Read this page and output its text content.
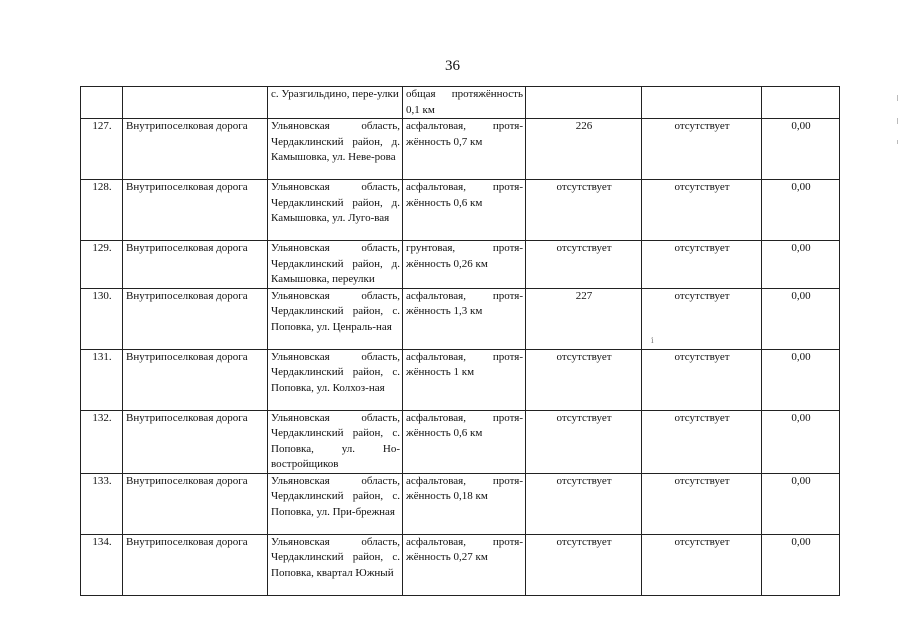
36
		с. Уразгильдино, пере-улки	общая протяжённость 0,1 км			
127.	Внутрипоселковая дорога	Ульяновская область, Чердаклинский район, д. Камышовка, ул. Неве-рова	асфальтовая, протя-жённость 0,7 км	226	отсутствует	0,00
128.	Внутрипоселковая дорога	Ульяновская область, Чердаклинский район, д. Камышовка, ул. Луго-вая	асфальтовая, протя-жённость 0,6 км	отсутствует	отсутствует	0,00
129.	Внутрипоселковая дорога	Ульяновская область, Чердаклинский район, д. Камышовка, переулки	грунтовая, протя-жённость 0,26 км	отсутствует	отсутствует	0,00
130.	Внутрипоселковая дорога	Ульяновская область, Чердаклинский район, с. Поповка, ул. Ценраль-ная	асфальтовая, протя-жённость 1,3 км	227	отсутствует	0,00
131.	Внутрипоселковая дорога	Ульяновская область, Чердаклинский район, с. Поповка, ул. Колхоз-ная	асфальтовая, протя-жённость 1 км	отсутствует	отсутствует	0,00
132.	Внутрипоселковая дорога	Ульяновская область, Чердаклинский район, с. Поповка, ул. Но-востройщиков	асфальтовая, протя-жённость 0,6 км	отсутствует	отсутствует	0,00
133.	Внутрипоселковая дорога	Ульяновская область, Чердаклинский район, с. Поповка, ул. При-брежная	асфальтовая, протя-жённость 0,18 км	отсутствует	отсутствует	0,00
134.	Внутрипоселковая дорога	Ульяновская область, Чердаклинский район, с. Поповка, квартал Южный	асфальтовая, протя-жённость 0,27 км	отсутствует	отсутствует	0,00
ⅰ
